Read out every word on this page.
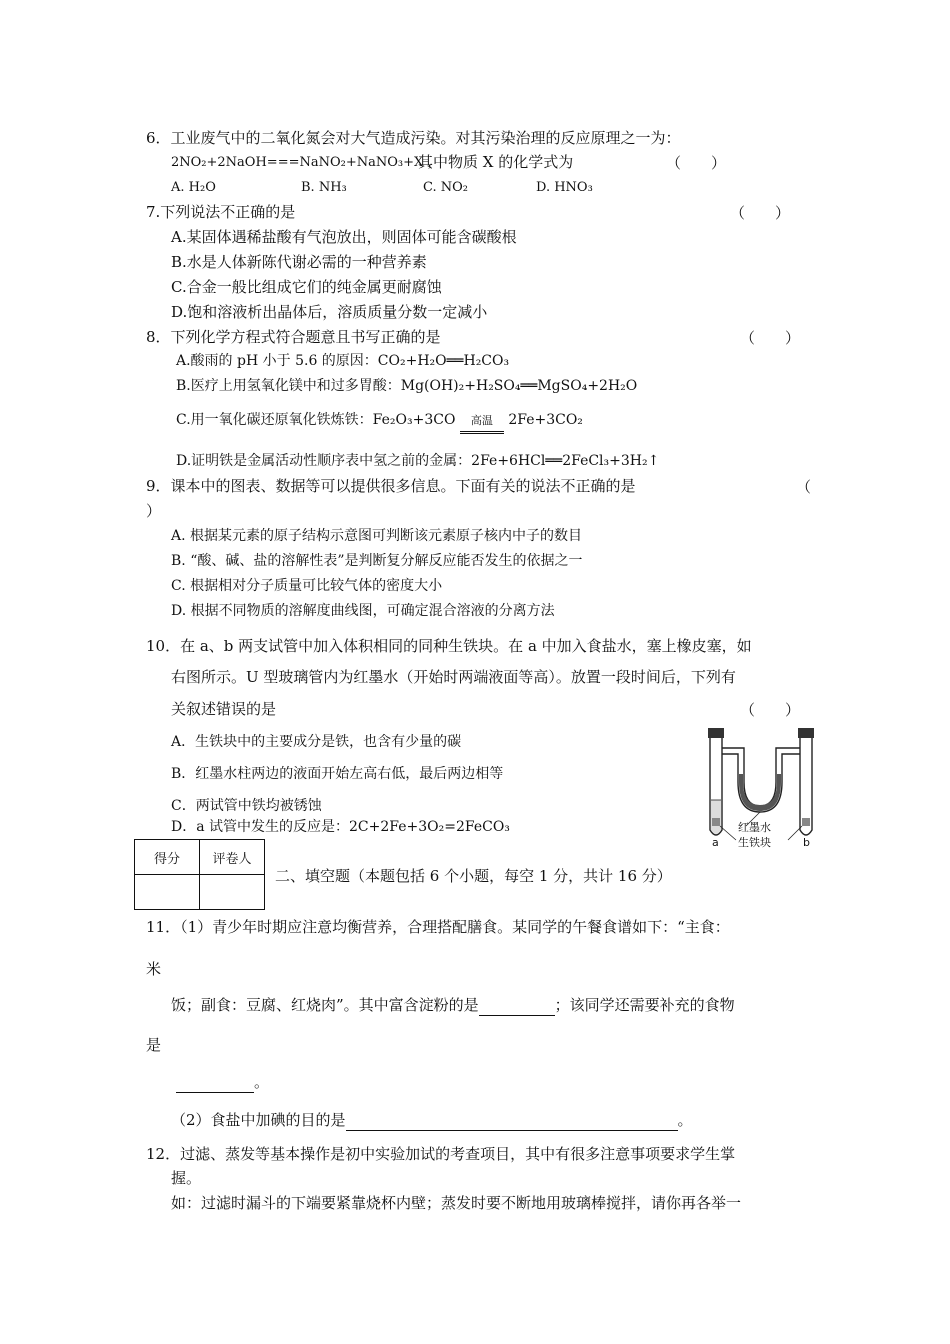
6．工业废气中的二氧化氮会对大气造成污染。对其污染治理的反应原理之一为：
2NO₂+2NaOH===NaNO₂+NaNO₃+X ，
其中物质 X 的化学式为	（　　）
A. H₂O	B. NH₃	C. NO₂	D. HNO₃
7.下列说法不正确的是	（　　）
A.某固体遇稀盐酸有气泡放出，则固体可能含碳酸根
B.水是人体新陈代谢必需的一种营养素
C.合金一般比组成它们的纯金属更耐腐蚀
D.饱和溶液析出晶体后，溶质质量分数一定减小
8．下列化学方程式符合题意且书写正确的是	（　　）
A.酸雨的 pH 小于 5.6 的原因：CO₂+H₂O══H₂CO₃
B.医疗上用氢氧化镁中和过多胃酸：Mg(OH)₂+H₂SO₄══MgSO₄+2H₂O
C.用一氧化碳还原氧化铁炼铁：Fe₂O₃+3CO 高温 2Fe+3CO₂
D.证明铁是金属活动性顺序表中氢之前的金属：2Fe+6HCl══2FeCl₃+3H₂↑
9．课本中的图表、数据等可以提供很多信息。下面有关的说法不正确的是	（
）
A. 根据某元素的原子结构示意图可判断该元素原子核内中子的数目
B. “酸、碱、盐的溶解性表”是判断复分解反应能否发生的依据之一
C. 根据相对分子质量可比较气体的密度大小
D. 根据不同物质的溶解度曲线图，可确定混合溶液的分离方法
10．在 a、b 两支试管中加入体积相同的同种生铁块。在 a 中加入食盐水，塞上橡皮塞，如
右图所示。U 型玻璃管内为红墨水（开始时两端液面等高）。放置一段时间后，下列有
关叙述错误的是	（　　）
A．生铁块中的主要成分是铁，也含有少量的碳
B．红墨水柱两边的液面开始左高右低，最后两边相等
C．两试管中铁均被锈蚀
D．a 试管中发生的反应是：2C+2Fe+3O₂=2FeCO₃	红墨水
生铁块
a	b
得分	评卷人

二、填空题（本题包括 6 个小题，每空 1 分，共计 16 分）
11．（1）青少年时期应注意均衡营养，合理搭配膳食。某同学的午餐食谱如下：“主食：
米
饭；副食：豆腐、红烧肉”。其中富含淀粉的是	；该同学还需要补充的食物
是
。
（2）食盐中加碘的目的是	。
12．过滤、蒸发等基本操作是初中实验加试的考查项目，其中有很多注意事项要求学生掌
握。
如：过滤时漏斗的下端要紧靠烧杯内壁；蒸发时要不断地用玻璃棒搅拌，请你再各举一
